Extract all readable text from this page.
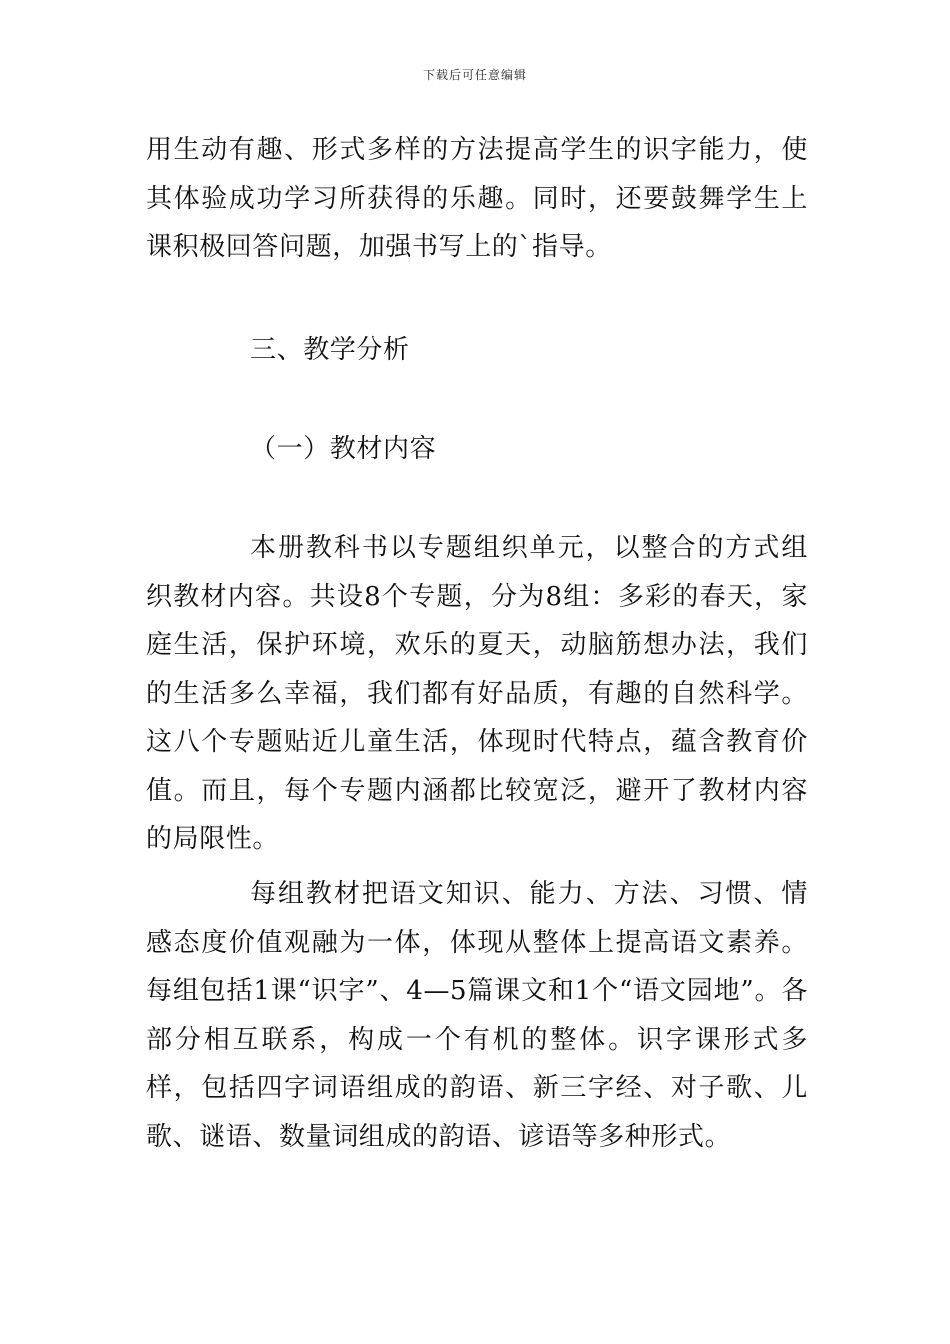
下载后可任意编辑

用生动有趣、形式多样的方法提高学生的识字能力，使其体验成功学习所获得的乐趣。同时，还要鼓舞学生上课积极回答问题，加强书写上的`指导。

三、教学分析

（一）教材内容

本册教科书以专题组织单元，以整合的方式组织教材内容。共设8个专题，分为8组：多彩的春天，家庭生活，保护环境，欢乐的夏天，动脑筋想办法，我们的生活多么幸福，我们都有好品质，有趣的自然科学。这八个专题贴近儿童生活，体现时代特点，蕴含教育价值。而且，每个专题内涵都比较宽泛，避开了教材内容的局限性。

每组教材把语文知识、能力、方法、习惯、情感态度价值观融为一体，体现从整体上提高语文素养。每组包括1课“识字”、4—5篇课文和1个“语文园地”。各部分相互联系，构成一个有机的整体。识字课形式多样，包括四字词语组成的韵语、新三字经、对子歌、儿歌、谜语、数量词组成的韵语、谚语等多种形式。
